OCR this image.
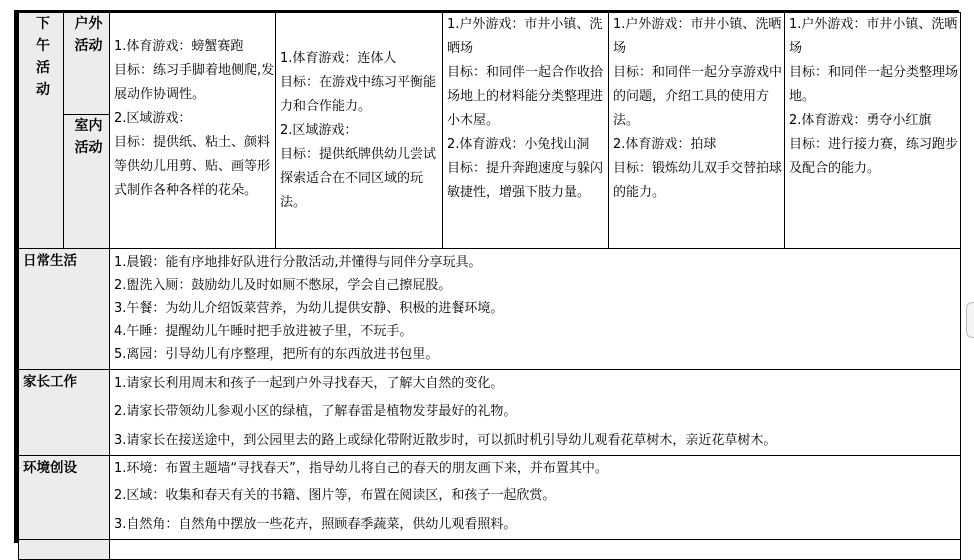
下午活动	户外活动	1.体育游戏：螃蟹赛跑
目标：练习手脚着地侧爬,发展动作协调性。
2.区域游戏：
目标：提供纸、粘土、颜料等供幼儿用剪、贴、画等形式制作各种各样的花朵。	1.体育游戏：连体人
目标：在游戏中练习平衡能力和合作能力。
2.区域游戏：
目标：提供纸牌供幼儿尝试探索适合在不同区域的玩法。	1.户外游戏：市井小镇、洗晒场
目标：和同伴一起合作收拾场地上的材料能分类整理进小木屋。
2.体育游戏：小兔找山洞
目标：提升奔跑速度与躲闪敏捷性，增强下肢力量。	1.户外游戏：市井小镇、洗晒场
目标：和同伴一起分享游戏中的问题，介绍工具的使用方法。
2.体育游戏：拍球
目标：锻炼幼儿双手交替拍球的能力。	1.户外游戏：市井小镇、洗晒场
目标：和同伴一起分类整理场地。
2.体育游戏：勇夺小红旗
目标：进行接力赛，练习跑步及配合的能力。

	室内活动					
日常生活		1.晨锻：能有序地排好队进行分散活动,并懂得与同伴分享玩具。
2.盥洗入厕：鼓励幼儿及时如厕不憋尿，学会自己擦屁股。
3.午餐：为幼儿介绍饭菜营养，为幼儿提供安静、积极的进餐环境。
4.午睡：提醒幼儿午睡时把手放进被子里，不玩手。
5.离园：引导幼儿有序整理，把所有的东西放进书包里。				

家长工作		1.请家长利用周末和孩子一起到户外寻找春天，了解大自然的变化。
2.请家长带领幼儿参观小区的绿植，了解春雷是植物发芽最好的礼物。
3.请家长在接送途中，到公园里去的路上或绿化带附近散步时，可以抓时机引导幼儿观看花草树木，亲近花草树木。				

环境创设		1.环境：布置主题墙“寻找春天”，指导幼儿将自己的春天的朋友画下来，并布置其中。
2.区域：收集和春天有关的书籍、图片等，布置在阅读区，和孩子一起欣赏。
3.自然角：自然角中摆放一些花卉，照顾春季蔬菜，供幼儿观看照料。				
